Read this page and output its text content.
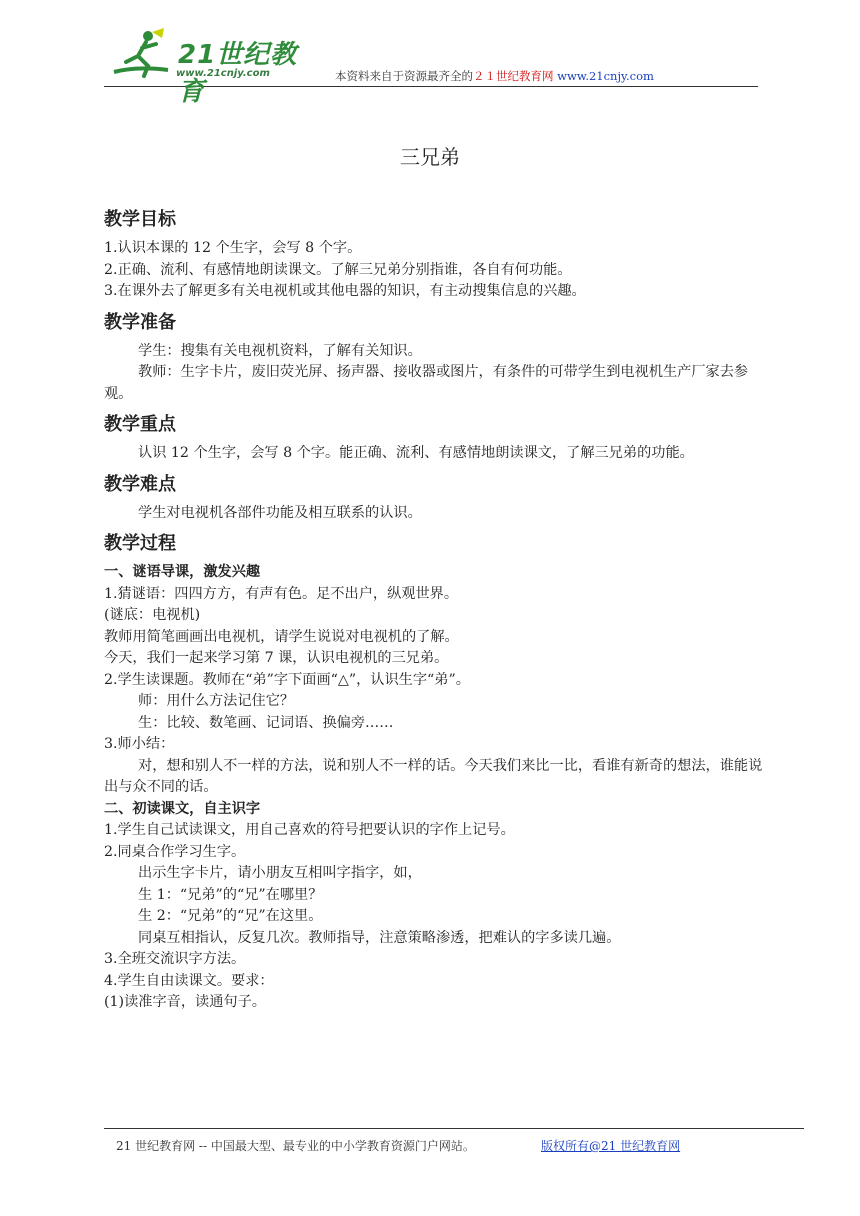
21世纪教育
www.21cnjy.com	本资料来自于资源最齐全的２１世纪教育网 www.21cnjy.com
三兄弟
教学目标

1.认识本课的 12 个生字，会写 8 个字。

2.正确、流利、有感情地朗读课文。了解三兄弟分别指谁，各自有何功能。

3.在课外去了解更多有关电视机或其他电器的知识，有主动搜集信息的兴趣。

教学准备

学生：搜集有关电视机资料，了解有关知识。

教师：生字卡片，废旧荧光屏、扬声器、接收器或图片，有条件的可带学生到电视机生产厂家去参观。

教学重点

认识 12 个生字，会写 8 个字。能正确、流利、有感情地朗读课文，了解三兄弟的功能。

教学难点

学生对电视机各部件功能及相互联系的认识。

教学过程
一、谜语导课，激发兴趣

1.猜谜语：四四方方，有声有色。足不出户，纵观世界。

(谜底：电视机)

教师用简笔画画出电视机，请学生说说对电视机的了解。

今天，我们一起来学习第 7 课，认识电视机的三兄弟。

2.学生读课题。教师在“弟”字下面画“△”，认识生字“弟”。

师：用什么方法记住它？

生：比较、数笔画、记词语、换偏旁……

3.师小结：

对，想和别人不一样的方法，说和别人不一样的话。今天我们来比一比，看谁有新奇的想法，谁能说出与众不同的话。

二、初读课文，自主识字

1.学生自己试读课文，用自己喜欢的符号把要认识的字作上记号。

2.同桌合作学习生字。

出示生字卡片，请小朋友互相叫字指字，如，

生 1：“兄弟”的“兄”在哪里？

生 2：“兄弟”的“兄”在这里。

同桌互相指认，反复几次。教师指导，注意策略渗透，把难认的字多读几遍。

3.全班交流识字方法。

4.学生自由读课文。要求：

(1)读准字音，读通句子。

21 世纪教育网 -- 中国最大型、最专业的中小学教育资源门户网站。	版权所有@21 世纪教育网
